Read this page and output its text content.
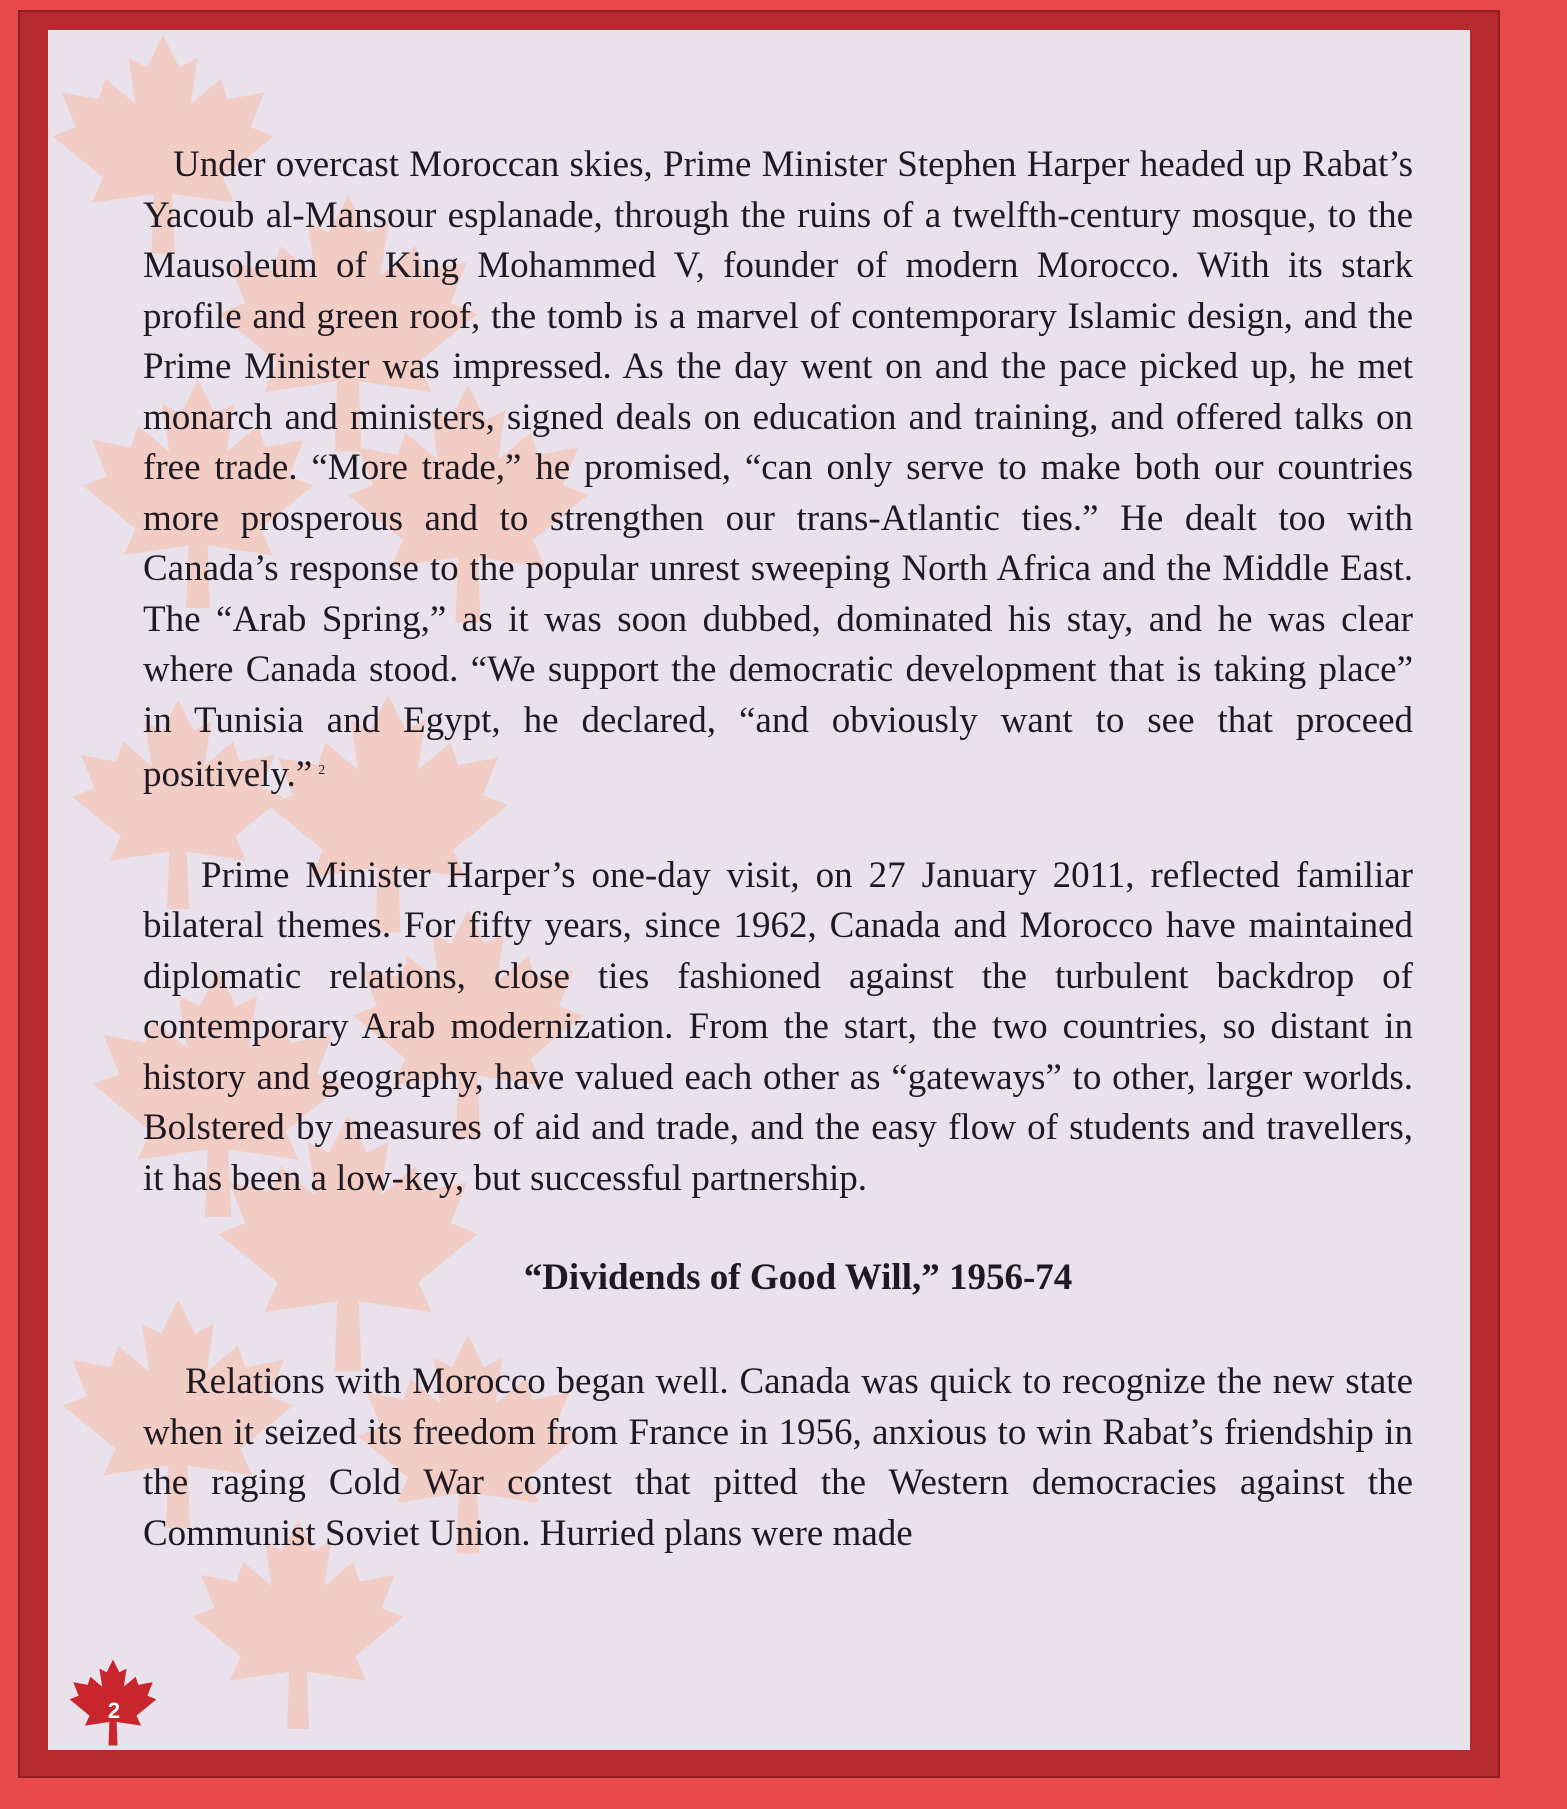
Under overcast Moroccan skies, Prime Minister Stephen Harper headed up Rabat’s Yacoub al-Mansour esplanade, through the ruins of a twelfth-century mosque, to the Mausoleum of King Mohammed V, founder of modern Morocco. With its stark profile and green roof, the tomb is a marvel of contemporary Islamic design, and the Prime Minister was impressed. As the day went on and the pace picked up, he met monarch and ministers, signed deals on education and training, and offered talks on free trade. “More trade,” he promised, “can only serve to make both our countries more prosperous and to strengthen our trans-Atlantic ties.” He dealt too with Canada’s response to the popular unrest sweeping North Africa and the Middle East. The “Arab Spring,” as it was soon dubbed, dominated his stay, and he was clear where Canada stood. “We support the democratic development that is taking place” in Tunisia and Egypt, he declared, “and obviously want to see that proceed positively.” $^2$

Prime Minister Harper’s one-day visit, on 27 January 2011, reflected familiar bilateral themes. For fifty years, since 1962, Canada and Morocco have maintained diplomatic relations, close ties fashioned against the turbulent backdrop of contemporary Arab modernization. From the start, the two countries, so distant in history and geography, have valued each other as “gateways” to other, larger worlds. Bolstered by measures of aid and trade, and the easy flow of students and travellers, it has been a low-key, but successful partnership.

“Dividends of Good Will,” 1956-74

Relations with Morocco began well. Canada was quick to recognize the new state when it seized its freedom from France in 1956, anxious to win Rabat’s friendship in the raging Cold War contest that pitted the Western democracies against the Communist Soviet Union. Hurried plans were made

2
